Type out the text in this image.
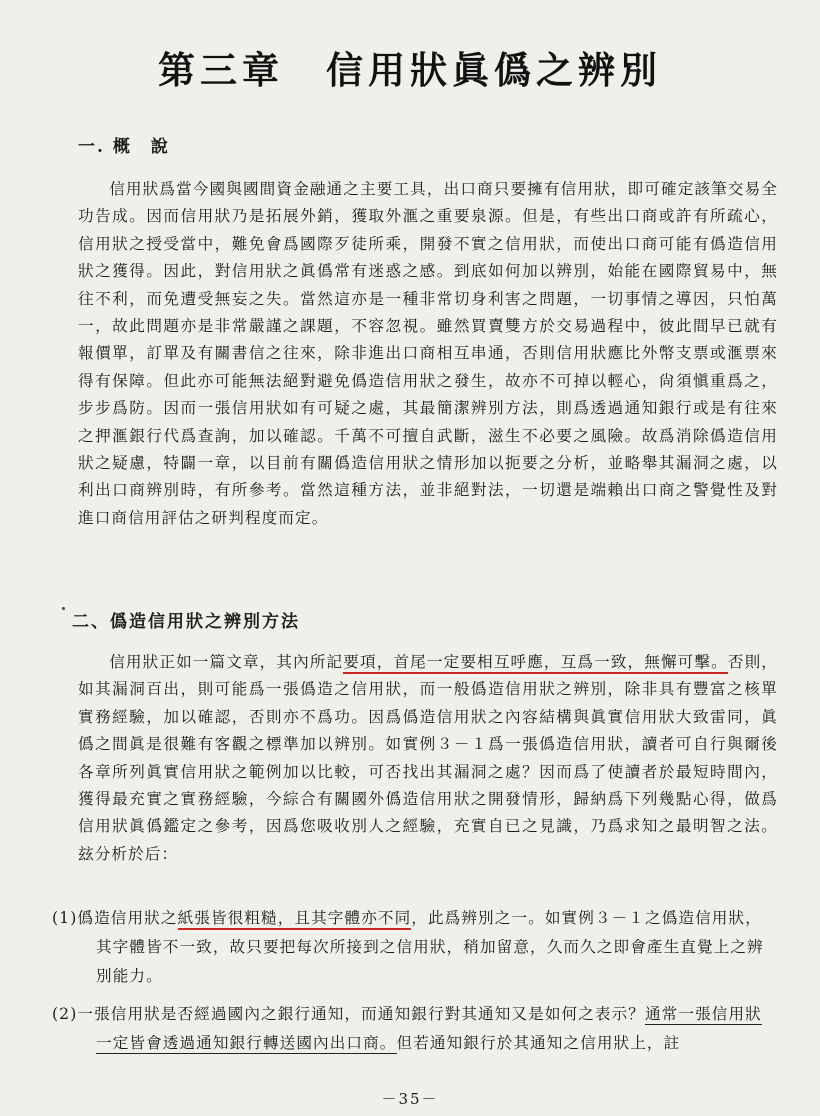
第三章　信用狀眞僞之辨別
一. 概　說
信用狀爲當今國與國間資金融通之主要工具，出口商只要擁有信用狀，即可確定該筆交易全功告成。因而信用狀乃是拓展外銷，獲取外滙之重要泉源。但是，有些出口商或許有所疏心，信用狀之授受當中，難免會爲國際歹徒所乘，開發不實之信用狀，而使出口商可能有僞造信用狀之獲得。因此，對信用狀之眞僞常有迷惑之感。到底如何加以辨別，始能在國際貿易中，無往不利，而免遭受無妄之失。當然這亦是一種非常切身利害之問題，一切事情之導因，只怕萬一，故此問題亦是非常嚴謹之課題，不容忽視。雖然買賣雙方於交易過程中，彼此間早已就有報價單，訂單及有關書信之往來，除非進出口商相互串通，否則信用狀應比外幣支票或滙票來得有保障。但此亦可能無法絕對避免僞造信用狀之發生，故亦不可掉以輕心，尙須愼重爲之，步步爲防。因而一張信用狀如有可疑之處，其最簡潔辨別方法，則爲透過通知銀行或是有往來之押滙銀行代爲查詢，加以確認。千萬不可擅自武斷，滋生不必要之風險。故爲消除僞造信用狀之疑慮，特闢一章，以目前有關僞造信用狀之情形加以扼要之分析，並略舉其漏洞之處，以利出口商辨別時，有所參考。當然這種方法，並非絕對法，一切還是端賴出口商之警覺性及對進口商信用評估之研判程度而定。
二、僞造信用狀之辨別方法
信用狀正如一篇文章，其內所記要項，首尾一定要相互呼應，互爲一致，無懈可擊。否則，如其漏洞百出，則可能爲一張僞造之信用狀，而一般僞造信用狀之辨別，除非具有豐富之核單實務經驗，加以確認，否則亦不爲功。因爲僞造信用狀之內容結構與眞實信用狀大致雷同，眞僞之間眞是很難有客觀之標準加以辨別。如實例３－１爲一張僞造信用狀，讀者可自行與爾後各章所列眞實信用狀之範例加以比較，可否找出其漏洞之處？因而爲了使讀者於最短時間內，獲得最充實之實務經驗，今綜合有關國外僞造信用狀之開發情形，歸納爲下列幾點心得，做爲信用狀眞僞鑑定之參考，因爲您吸收別人之經驗，充實自已之見識，乃爲求知之最明智之法。玆分析於后：
(1)僞造信用狀之紙張皆很粗糙，且其字體亦不同，此爲辨別之一。如實例３－１之僞造信用狀，其字體皆不一致，故只要把每次所接到之信用狀，稍加留意，久而久之即會產生直覺上之辨別能力。
(2)一張信用狀是否經過國內之銀行通知，而通知銀行對其通知又是如何之表示？通常一張信用狀一定皆會透過通知銀行轉送國內出口商。但若通知銀行於其通知之信用狀上，註
－35－
